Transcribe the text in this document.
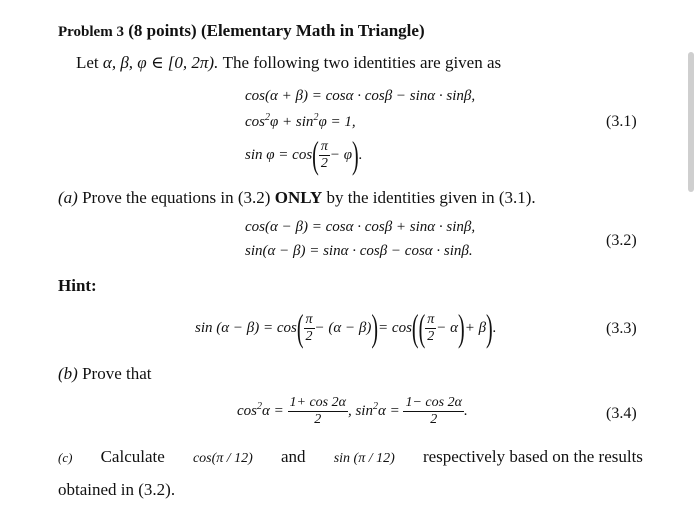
Problem 3 (8 points) (Elementary Math in Triangle)
Let α, β, φ ∈ [0, 2π). The following two identities are given as
cos(α + β) = cosα · cosβ − sinα · sinβ,
$\cos^2\varphi + \sin^2\varphi = 1$,
$\sin \varphi = \cos( \frac{\pi}{2} - \varphi)$.
(3.1)
(a) Prove the equations in (3.2) ONLY by the identities given in (3.1).
cos(α − β) = cosα · cosβ + sinα · sinβ,
sin(α − β) = sinα · cosβ − cosα · sinβ.
(3.2)
Hint:
$\sin (\alpha - \beta) = \cos( \frac{\pi}{2} - (\alpha - \beta))= \cos(( \frac{\pi}{2} - \alpha)+ \beta)$.	(3.3)
(b) Prove that
$\cos^2\alpha = \frac{1+ \cos 2\alpha}{2}$ , $\sin^2\alpha = \frac{1- \cos 2\alpha}{2}$ .	(3.4)
(c) Calculate cos(π / 12) and sin (π / 12) respectively based on the results
obtained in (3.2).
